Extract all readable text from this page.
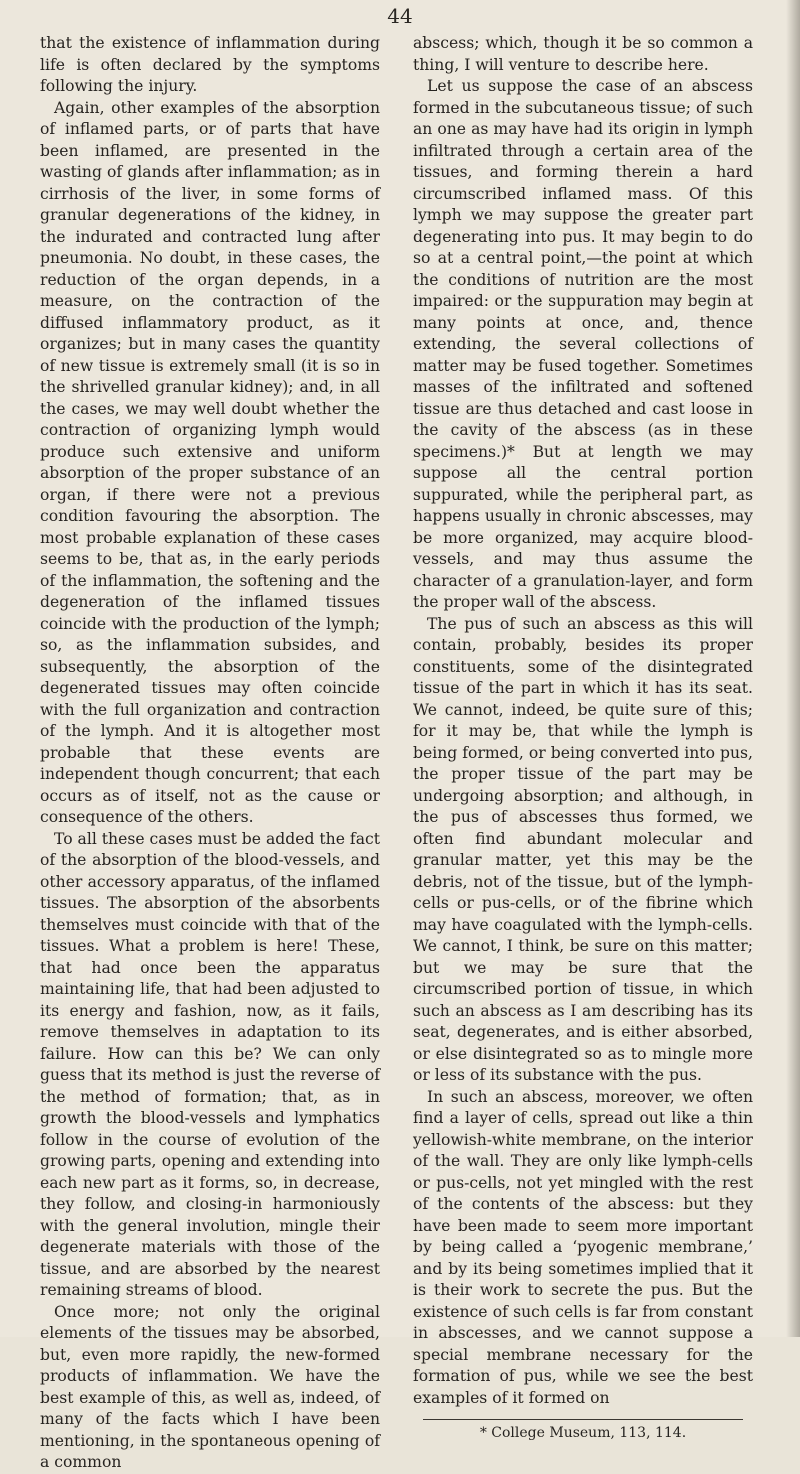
44

that the existence of inflammation during life is often declared by the symptoms following the injury.

Again, other examples of the absorption of inflamed parts, or of parts that have been inflamed, are presented in the wasting of glands after inflammation; as in cirrhosis of the liver, in some forms of granular degenerations of the kidney, in the indurated and contracted lung after pneumonia. No doubt, in these cases, the reduction of the organ depends, in a measure, on the contraction of the diffused inflammatory product, as it organizes; but in many cases the quantity of new tissue is extremely small (it is so in the shrivelled granular kidney); and, in all the cases, we may well doubt whether the contraction of organizing lymph would produce such extensive and uniform absorption of the proper substance of an organ, if there were not a previous condition favouring the absorption. The most probable explanation of these cases seems to be, that as, in the early periods of the inflammation, the softening and the degeneration of the inflamed tissues coincide with the production of the lymph; so, as the inflammation subsides, and subsequently, the absorption of the degenerated tissues may often coincide with the full organization and contraction of the lymph. And it is altogether most probable that these events are independent though concurrent; that each occurs as of itself, not as the cause or consequence of the others.

To all these cases must be added the fact of the absorption of the blood-vessels, and other accessory apparatus, of the inflamed tissues. The absorption of the absorbents themselves must coincide with that of the tissues. What a problem is here! These, that had once been the apparatus maintaining life, that had been adjusted to its energy and fashion, now, as it fails, remove themselves in adaptation to its failure. How can this be? We can only guess that its method is just the reverse of the method of formation; that, as in growth the blood-vessels and lymphatics follow in the course of evolution of the growing parts, opening and extending into each new part as it forms, so, in decrease, they follow, and closing-in harmoniously with the general involution, mingle their degenerate materials with those of the tissue, and are absorbed by the nearest remaining streams of blood.

Once more; not only the original elements of the tissues may be absorbed, but, even more rapidly, the new-formed products of inflammation. We have the best example of this, as well as, indeed, of many of the facts which I have been mentioning, in the spontaneous opening of a common

abscess; which, though it be so common a thing, I will venture to describe here.

Let us suppose the case of an abscess formed in the subcutaneous tissue; of such an one as may have had its origin in lymph infiltrated through a certain area of the tissues, and forming therein a hard circumscribed inflamed mass. Of this lymph we may suppose the greater part degenerating into pus. It may begin to do so at a central point,—the point at which the conditions of nutrition are the most impaired: or the suppuration may begin at many points at once, and, thence extending, the several collections of matter may be fused together. Sometimes masses of the infiltrated and softened tissue are thus detached and cast loose in the cavity of the abscess (as in these specimens.)* But at length we may suppose all the central portion suppurated, while the peripheral part, as happens usually in chronic abscesses, may be more organized, may acquire blood-vessels, and may thus assume the character of a granulation-layer, and form the proper wall of the abscess.

The pus of such an abscess as this will contain, probably, besides its proper constituents, some of the disintegrated tissue of the part in which it has its seat. We cannot, indeed, be quite sure of this; for it may be, that while the lymph is being formed, or being converted into pus, the proper tissue of the part may be undergoing absorption; and although, in the pus of abscesses thus formed, we often find abundant molecular and granular matter, yet this may be the debris, not of the tissue, but of the lymph-cells or pus-cells, or of the fibrine which may have coagulated with the lymph-cells. We cannot, I think, be sure on this matter; but we may be sure that the circumscribed portion of tissue, in which such an abscess as I am describing has its seat, degenerates, and is either absorbed, or else disintegrated so as to mingle more or less of its substance with the pus.

In such an abscess, moreover, we often find a layer of cells, spread out like a thin yellowish-white membrane, on the interior of the wall. They are only like lymph-cells or pus-cells, not yet mingled with the rest of the contents of the abscess: but they have been made to seem more important by being called a ‘pyogenic membrane,’ and by its being sometimes implied that it is their work to secrete the pus. But the existence of such cells is far from constant in abscesses, and we cannot suppose a special membrane necessary for the formation of pus, while we see the best examples of it formed on

* College Museum, 113, 114.
